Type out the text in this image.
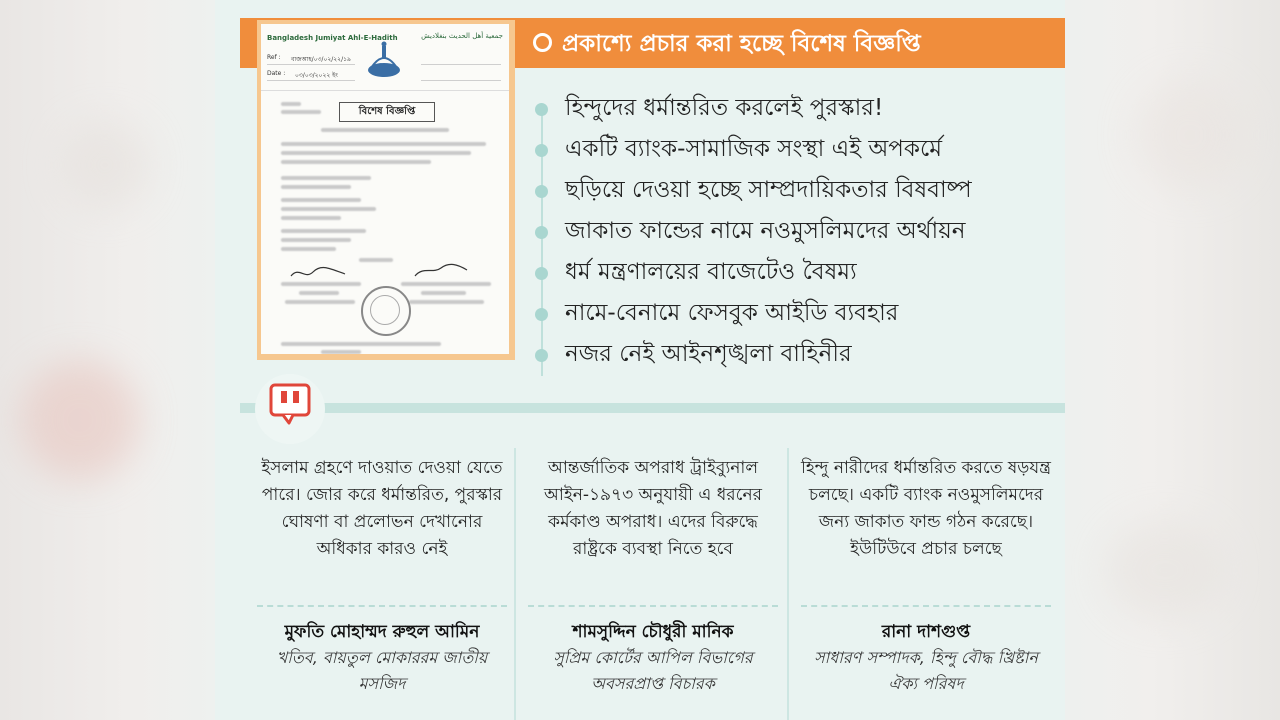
প্রকাশ্যে প্রচার করা হচ্ছে বিশেষ বিজ্ঞপ্তি
Bangladesh Jumiyat Ahl-E-Hadith	جمعية أهل الحديث بنغلاديش
Ref : বাজআহ/০৩/০২/২২/১৯
Date : ০৩/০৩/২০২২ ইং
বিশেষ বিজ্ঞপ্তি	হিন্দুদের ধর্মান্তরিত করলেই পুরস্কার!
একটি ব্যাংক-সামাজিক সংস্থা এই অপকর্মে
ছড়িয়ে দেওয়া হচ্ছে সাম্প্রদায়িকতার বিষবাষ্প
জাকাত ফান্ডের নামে নওমুসলিমদের অর্থায়ন
ধর্ম মন্ত্রণালয়ের বাজেটেও বৈষম্য
নামে-বেনামে ফেসবুক আইডি ব্যবহার
নজর নেই আইনশৃঙ্খলা বাহিনীর
ইসলাম গ্রহণে দাওয়াত দেওয়া যেতে পারে। জোর করে ধর্মান্তরিত, পুরস্কার ঘোষণা বা প্রলোভন দেখানোর অধিকার কারও নেই
মুফতি মোহাম্মদ রুহুল আমিন
খতিব, বায়তুল মোকাররম জাতীয় মসজিদ
আন্তর্জাতিক অপরাধ ট্রাইব্যুনাল আইন-১৯৭৩ অনুযায়ী এ ধরনের কর্মকাণ্ড অপরাধ। এদের বিরুদ্ধে রাষ্ট্রকে ব্যবস্থা নিতে হবে
শামসুদ্দিন চৌধুরী মানিক
সুপ্রিম কোর্টের আপিল বিভাগের অবসরপ্রাপ্ত বিচারক
হিন্দু নারীদের ধর্মান্তরিত করতে ষড়যন্ত্র চলছে। একটি ব্যাংক নওমুসলিমদের জন্য জাকাত ফান্ড গঠন করেছে। ইউটিউবে প্রচার চলছে
রানা দাশগুপ্ত
সাধারণ সম্পাদক, হিন্দু বৌদ্ধ খ্রিষ্টান ঐক্য পরিষদ
